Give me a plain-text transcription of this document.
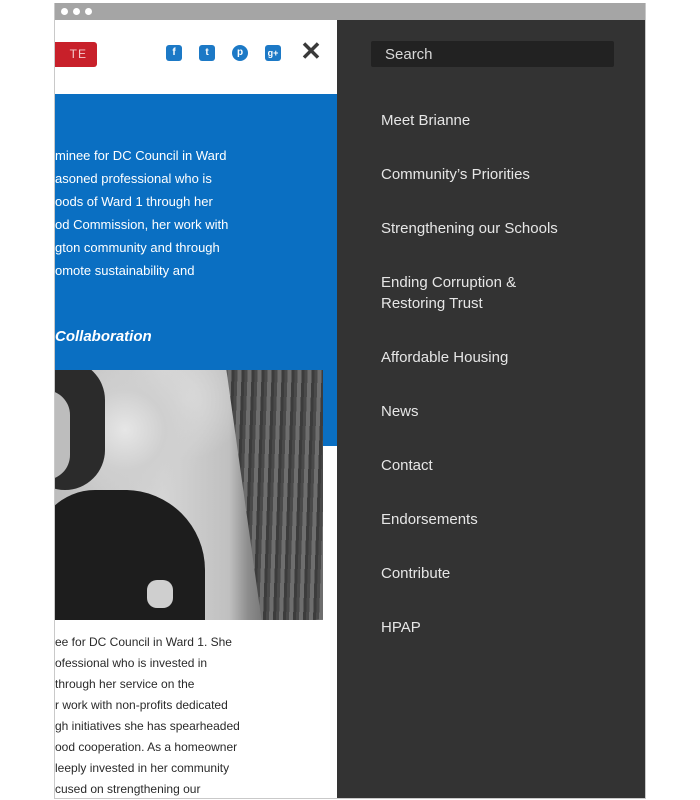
TE	f	t	p	g+ ✕
minee for DC Council in Ward
asoned professional who is
oods of Ward 1 through her
od Commission, her work with
gton community and through
omote sustainability and
Collaboration
ee for DC Council in Ward 1. She
ofessional who is invested in
through her service on the
r work with non-profits dedicated
gh initiatives she has spearheaded
ood cooperation. As a homeowner
leeply invested in her community
cused on strengthening our
Search
Meet Brianne
Community’s Priorities
Strengthening our Schools
Ending Corruption & Restoring Trust
Affordable Housing
News
Contact
Endorsements
Contribute
HPAP
